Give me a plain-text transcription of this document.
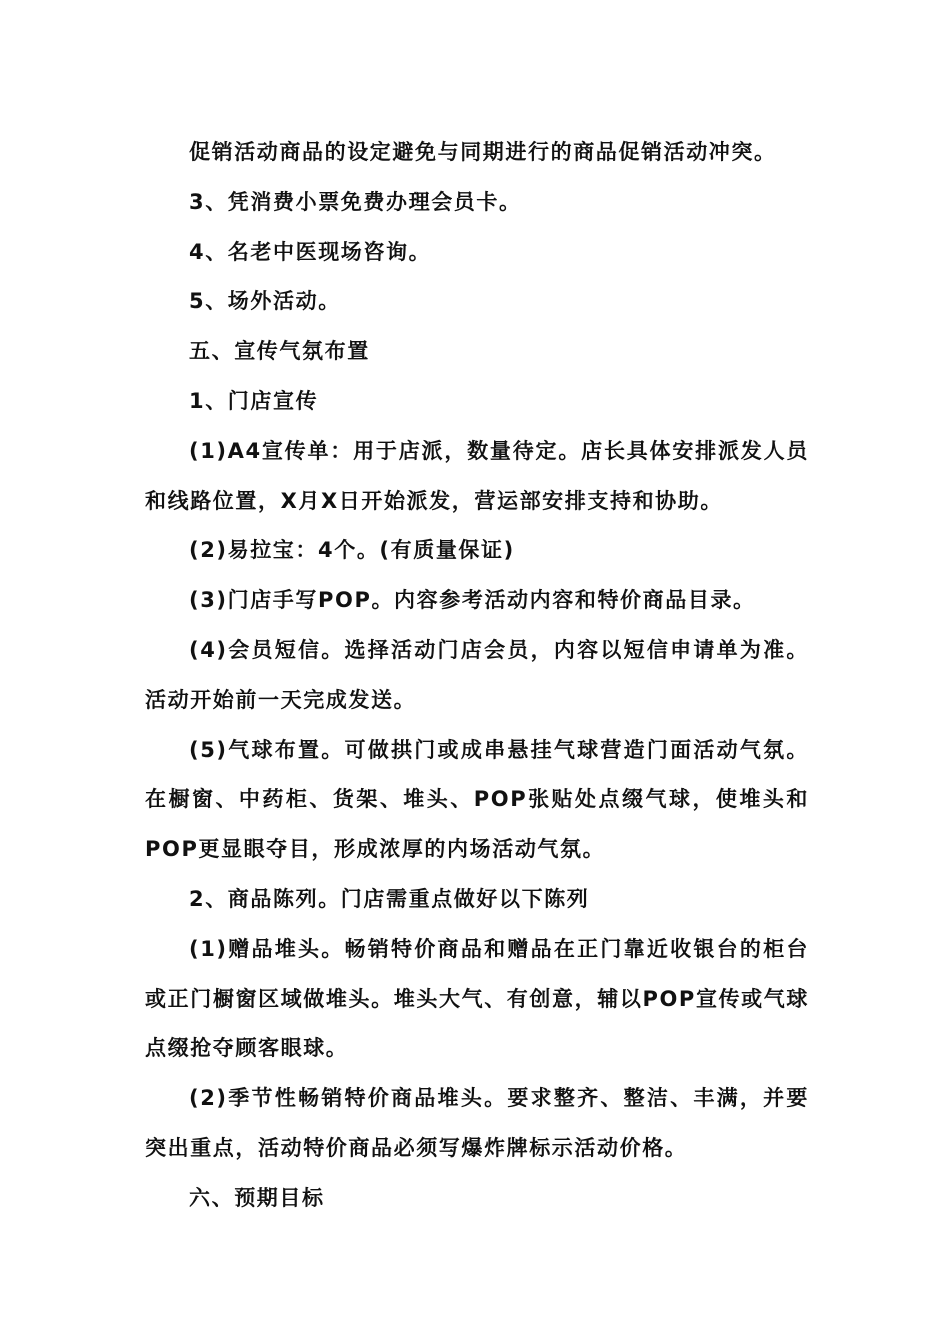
促销活动商品的设定避免与同期进行的商品促销活动冲突。

3、凭消费小票免费办理会员卡。

4、名老中医现场咨询。

5、场外活动。

五、宣传气氛布置

1、门店宣传

(1)A4宣传单：用于店派，数量待定。店长具体安排派发人员和线路位置，X月X日开始派发，营运部安排支持和协助。

(2)易拉宝：4个。(有质量保证)

(3)门店手写POP。内容参考活动内容和特价商品目录。

(4)会员短信。选择活动门店会员，内容以短信申请单为准。活动开始前一天完成发送。

(5)气球布置。可做拱门或成串悬挂气球营造门面活动气氛。在橱窗、中药柜、货架、堆头、POP张贴处点缀气球，使堆头和POP更显眼夺目，形成浓厚的内场活动气氛。

2、商品陈列。门店需重点做好以下陈列

(1)赠品堆头。畅销特价商品和赠品在正门靠近收银台的柜台或正门橱窗区域做堆头。堆头大气、有创意，辅以POP宣传或气球点缀抢夺顾客眼球。

(2)季节性畅销特价商品堆头。要求整齐、整洁、丰满，并要突出重点，活动特价商品必须写爆炸牌标示活动价格。

六、预期目标
